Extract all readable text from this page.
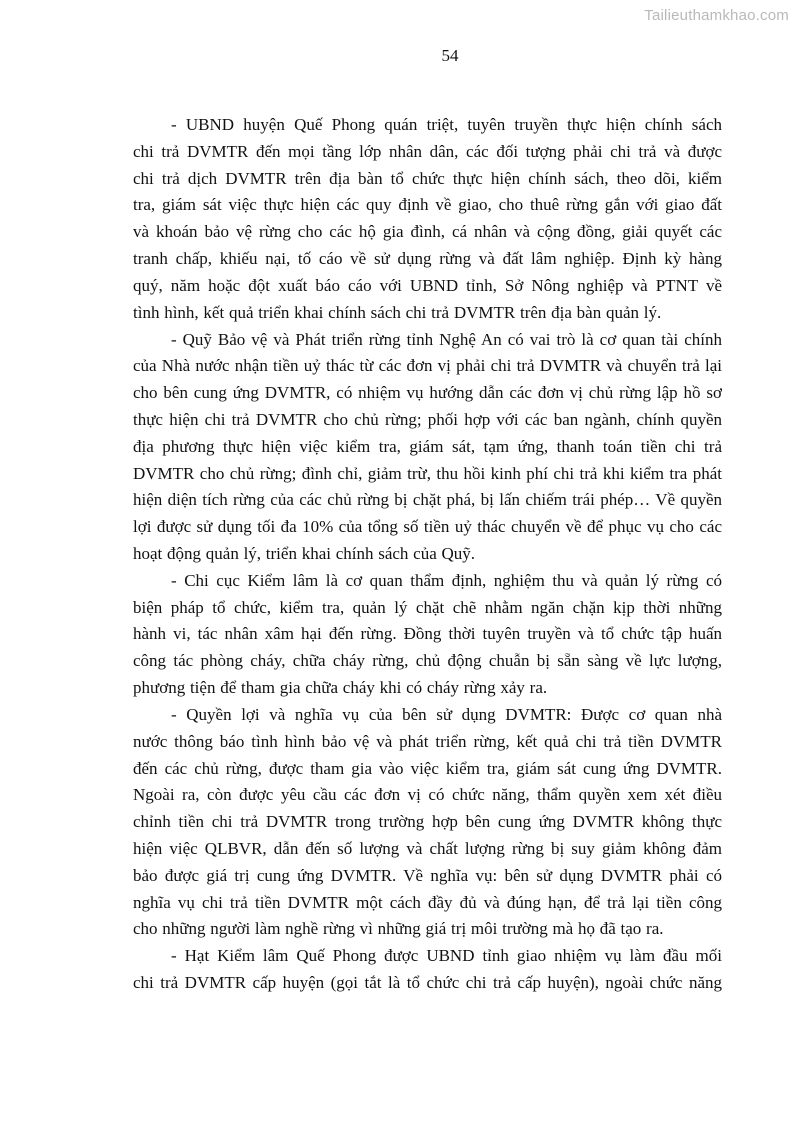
Tailieuthamkhao.com
54
- UBND huyện Quế Phong quán triệt, tuyên truyền thực hiện chính sách
chi trả DVMTR đến mọi tầng lớp nhân dân, các đối tượng phải chi trả và được
chi trả dịch DVMTR trên địa bàn tổ chức thực hiện chính sách, theo dõi, kiểm
tra, giám sát việc thực hiện các quy định về giao, cho thuê rừng gắn với giao đất
và khoán bảo vệ rừng cho các hộ gia đình, cá nhân và cộng đồng, giải quyết các
tranh chấp, khiếu nại, tố cáo về sử dụng rừng và đất lâm nghiệp. Định kỳ hàng
quý, năm hoặc đột xuất báo cáo với UBND tỉnh, Sở Nông nghiệp và PTNT về
tình hình, kết quả triển khai chính sách chi trả DVMTR trên địa bàn quản lý.
- Quỹ Bảo vệ và Phát triển rừng tỉnh Nghệ An có vai trò là cơ quan tài chính
của Nhà nước nhận tiền uỷ thác từ các đơn vị phải chi trả DVMTR và chuyển trả lại
cho bên cung ứng DVMTR, có nhiệm vụ hướng dẫn các đơn vị chủ rừng lập hồ sơ
thực hiện chi trả DVMTR cho chủ rừng; phối hợp với các ban ngành, chính quyền
địa phương thực hiện việc kiểm tra, giám sát, tạm ứng, thanh toán tiền chi trả
DVMTR cho chủ rừng; đình chỉ, giảm trừ, thu hồi kinh phí chi trả khi kiểm tra phát
hiện diện tích rừng của các chủ rừng bị chặt phá, bị lấn chiếm trái phép… Về quyền
lợi được sử dụng tối đa 10% của tổng số tiền uỷ thác chuyển về để phục vụ cho các
hoạt động quản lý, triển khai chính sách của Quỹ.
- Chi cục Kiểm lâm là cơ quan thẩm định, nghiệm thu và quản lý rừng có
biện pháp tổ chức, kiểm tra, quản lý chặt chẽ nhằm ngăn chặn kịp thời những
hành vi, tác nhân xâm hại đến rừng. Đồng thời tuyên truyền và tổ chức tập huấn
công tác phòng cháy, chữa cháy rừng, chủ động chuẫn bị sẵn sàng về lực lượng,
phương tiện để tham gia chữa cháy khi có cháy rừng xảy ra.
- Quyền lợi và nghĩa vụ của bên sử dụng DVMTR: Được cơ quan nhà
nước thông báo tình hình bảo vệ và phát triển rừng, kết quả chi trả tiền DVMTR
đến các chủ rừng, được tham gia vào việc kiểm tra, giám sát cung ứng DVMTR.
Ngoài ra, còn được yêu cầu các đơn vị có chức năng, thẩm quyền xem xét điều
chỉnh tiền chi trả DVMTR trong trường hợp bên cung ứng DVMTR không thực
hiện việc QLBVR, dẫn đến số lượng và chất lượng rừng bị suy giảm không đảm
bảo được giá trị cung ứng DVMTR. Về nghĩa vụ: bên sử dụng DVMTR phải có
nghĩa vụ chi trả tiền DVMTR một cách đầy đủ và đúng hạn, để trả lại tiền công
cho những người làm nghề rừng vì những giá trị môi trường mà họ đã tạo ra.
- Hạt Kiểm lâm Quế Phong được UBND tỉnh giao nhiệm vụ làm đầu mối
chi trả DVMTR cấp huyện (gọi tắt là tổ chức chi trả cấp huyện), ngoài chức năng
